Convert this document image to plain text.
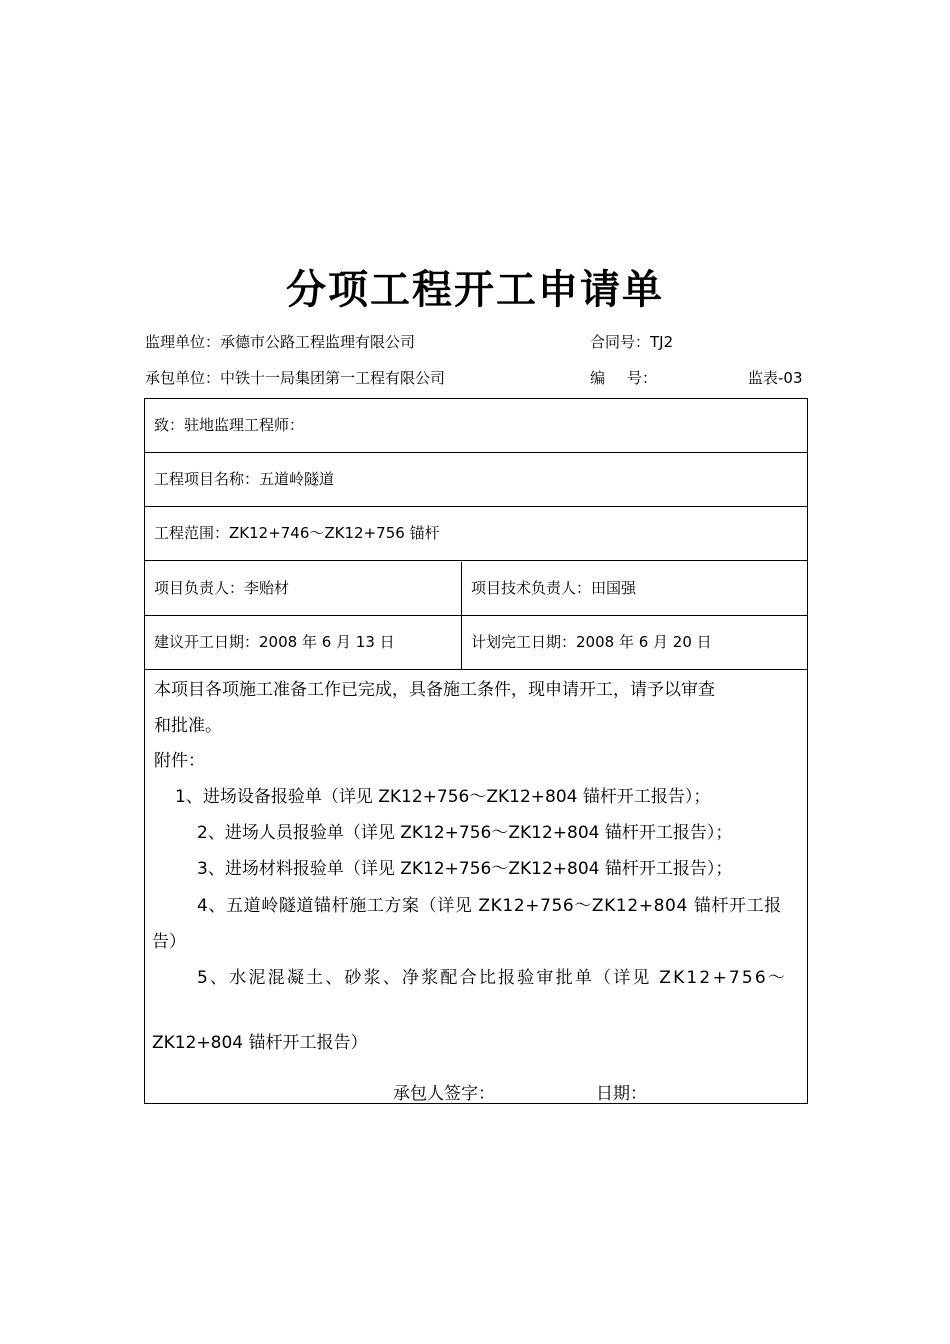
分项工程开工申请单
监理单位：承德市公路工程监理有限公司	合同号：TJ2
承包单位：中铁十一局集团第一工程有限公司	编 号：	监表-03
致：驻地监理工程师：
工程项目名称：五道岭隧道
工程范围：ZK12+746～ZK12+756 锚杆
项目负责人：李贻材	项目技术负责人：田国强
建议开工日期：2008 年 6 月 13 日	计划完工日期：2008 年 6 月 20 日
本项目各项施工准备工作已完成，具备施工条件，现申请开工，请予以审查
和批准。
附件：
1、进场设备报验单（详见 ZK12+756～ZK12+804 锚杆开工报告）；
2、进场人员报验单（详见 ZK12+756～ZK12+804 锚杆开工报告）；
3、进场材料报验单（详见 ZK12+756～ZK12+804 锚杆开工报告）；
4、五道岭隧道锚杆施工方案（详见 ZK12+756～ZK12+804 锚杆开工报
告）
5、水泥混凝土、砂浆、净浆配合比报验审批单（详见 ZK12+756～
ZK12+804 锚杆开工报告）
承包人签字：	日期：
